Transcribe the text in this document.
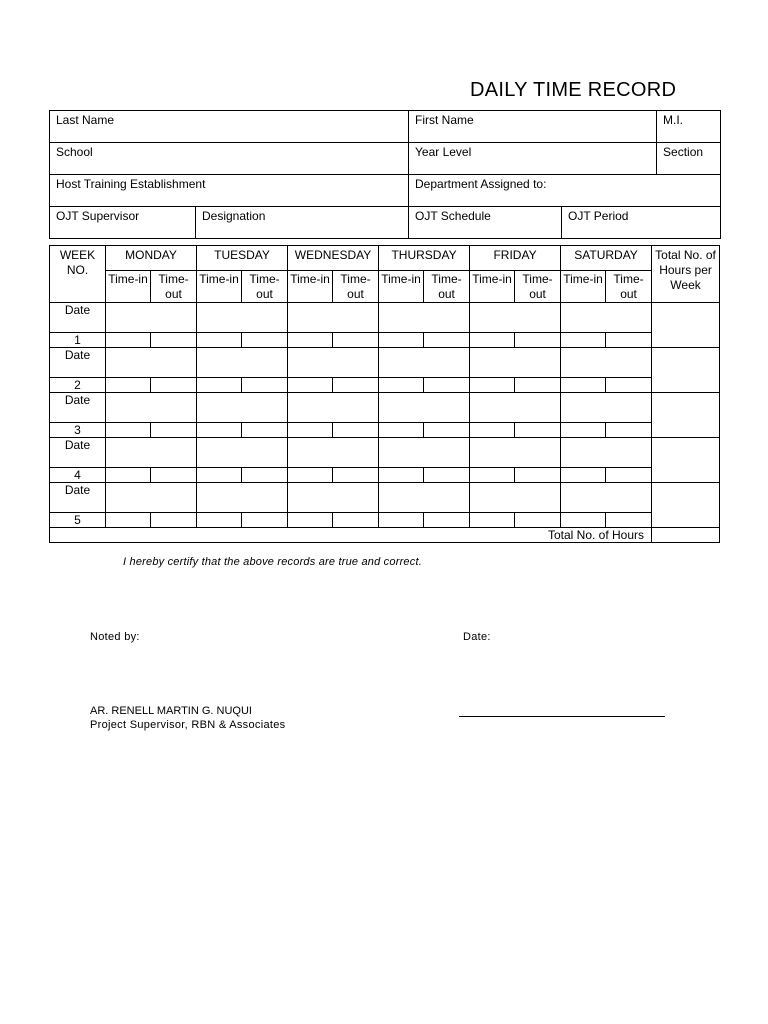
DAILY TIME RECORD
Last Name		First Name		M.I.
School		Year Level		Section
Host Training Establishment		Department Assigned to:		
OJT Supervisor	Designation	OJT Schedule	OJT Period	
WEEK NO.	MONDAY		TUESDAY		WEDNESDAY		THURSDAY		FRIDAY		SATURDAY		Total No. of Hours per Week
	Time-in	Time-out	Time-in	Time-out	Time-in	Time-out	Time-in	Time-out	Time-in	Time-out	Time-in	Time-out	
Date													
1													
Date													
2													
Date													
3													
Date													
4													
Date													
5													
Total No. of Hours													
I hereby certify that the above records are true and correct.
Noted by:	Date:
AR. RENELL MARTIN G. NUQUI
Project Supervisor, RBN & Associates
